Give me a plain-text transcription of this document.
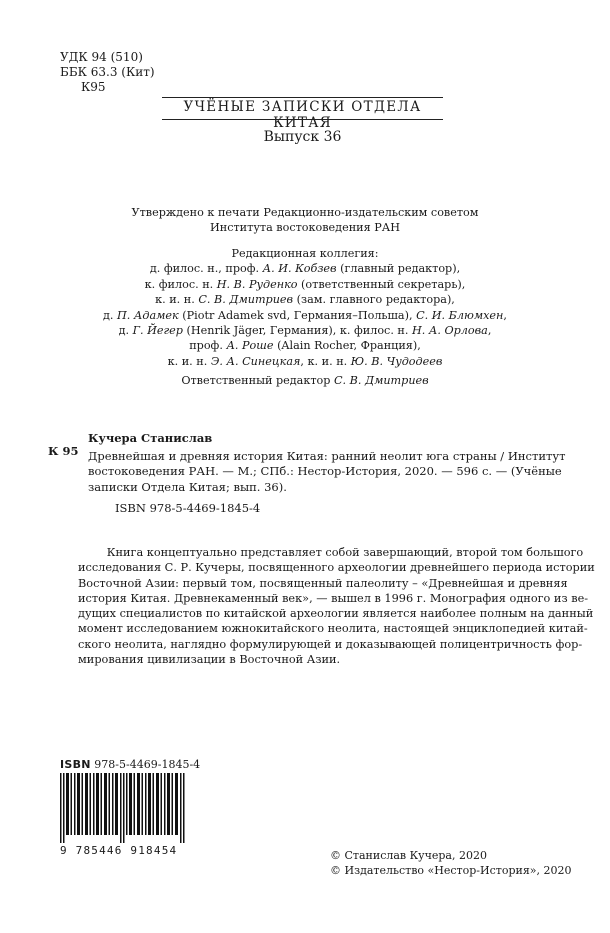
УДК 94 (510)
ББК 63.3 (Кит)
К95
УЧЁНЫЕ ЗАПИСКИ ОТДЕЛА КИТАЯ
Выпуск 36
Утверждено к печати Редакционно-издательским советом
Института востоковедения РАН
Редакционная коллегия:
д. филос. н., проф. А. И. Кобзев (главный редактор),
к. филос. н. Н. В. Руденко (ответственный секретарь),
к. и. н. С. В. Дмитриев (зам. главного редактора),
д. П. Адамек (Piotr Adamek svd, Германия–Польша), С. И. Блюмхен,
д. Г. Йегер (Henrik Jäger, Германия), к. филос. н. Н. А. Орлова,
проф. А. Роше (Alain Rocher, Франция),
к. и. н. Э. А. Синецкая, к. и. н. Ю. В. Чудодеев
Ответственный редактор С. В. Дмитриев
К 95
Кучера Станислав
Древнейшая и древняя история Китая: ранний неолит юга страны / Институт
востоковедения РАН. — М.; СПб.: Нестор-История, 2020. — 596 с. — (Учёные
записки Отдела Китая; вып. 36).
ISBN 978-5-4469-1845-4
Книга концептуально представляет собой завершающий, второй том большого
исследования С. Р. Кучеры, посвященного археологии древнейшего периода истории
Восточной Азии: первый том, посвященный палеолиту – «Древнейшая и древняя
история Китая. Древнекаменный век», — вышел в 1996 г. Монография одного из ве-
дущих специалистов по китайской археологии является наиболее полным на данный
момент исследованием южнокитайского неолита, настоящей энциклопедией китай-
ского неолита, наглядно формулирующей и доказывающей полицентричность фор-
мирования цивилизации в Восточной Азии.
ISBN 978-5-4469-1845-4
9 785446 918454	© Станислав Кучера, 2020
© Издательство «Нестор-История», 2020
